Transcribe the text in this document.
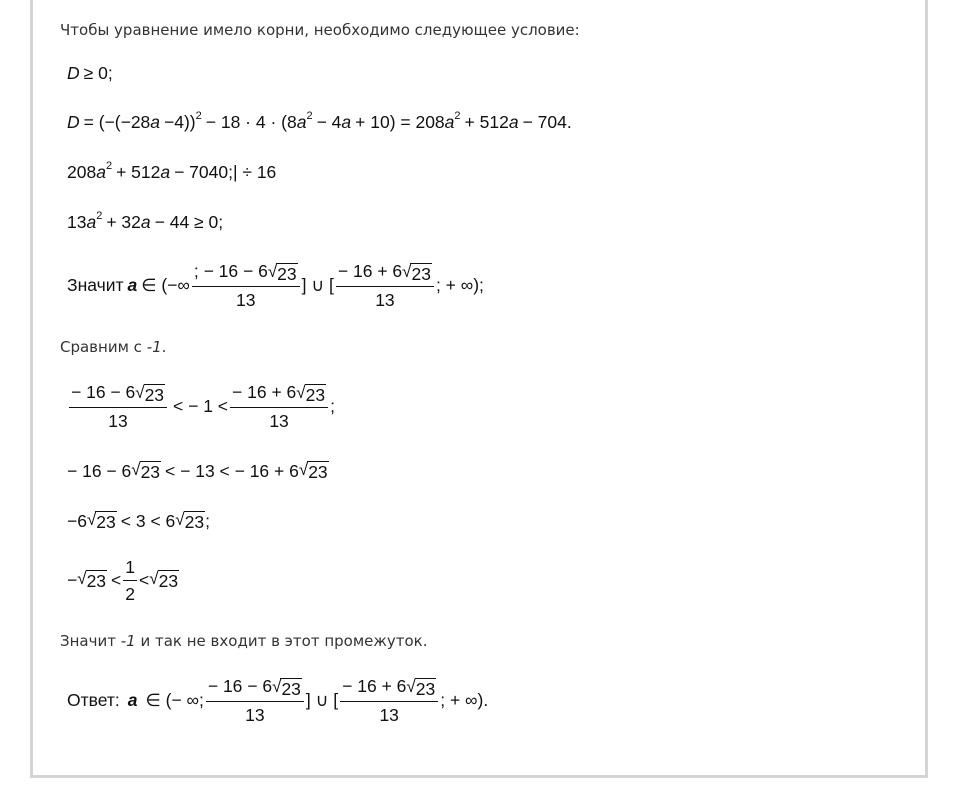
Чтобы уравнение имело корни, необходимо следующее условие:
D ≥ 0;
D = (−(−28 a −4))$^2$ − 18 · 4 · (8 $a^2 - 4$ a + 10) = 208 $a^2 + 512$ a − 704.
208 $a^2 + 512$ a − 7040;| ÷ 16
13 $a^2 + 32$ a − 44 ≥ 0;
Значит a ∈ (−∞ $\frac{; - 16 - 6 √ 23}{13}$ ] ∪ [ $\frac{- 16 + 6 √ 23}{13}$ ; + ∞);
Сравним с -1.
$\frac{- 16 - 6 √ 23}{13}$ < − $1 < \frac{- 16 + 6 √ 23}{13}$ ;
− 16 − 6 √ 23 < − 13 < − 16 + 6 √ 23
−6 √ 23 < 3 < 6 √ 23 ;
− √ $23 < \frac{1}{2}$ < √ 23
Значит -1 и так не входит в этот промежуток.
Ответ: a ∈ (− ∞; $\frac{- 16 - 6 √ 23}{13}$ ] ∪ [ $\frac{- 16 + 6 √ 23}{13}$ ; + ∞).
